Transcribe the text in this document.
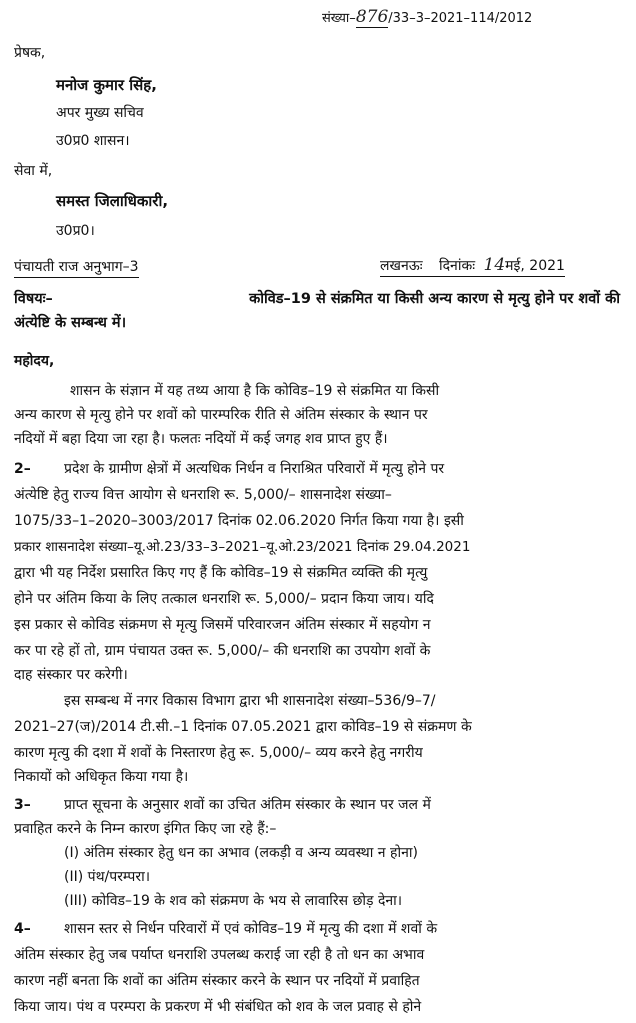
संख्या–876/33–3–2021–114/2012
प्रेषक,
मनोज कुमार सिंह,
अपर मुख्य सचिव
उ0प्र0 शासन।
सेवा में,
समस्त जिलाधिकारी,
उ0प्र0।
पंचायती राज अनुभाग–3	लखनऊः दिनांकः 14मई, 2021
विषयः–	कोविड–19 से संक्रमित या किसी अन्य कारण से मृत्यु होने पर शवों की
अंत्येष्टि के सम्बन्ध में।
महोदय,
शासन के संज्ञान में यह तथ्य आया है कि कोविड–19 से संक्रमित या किसी
अन्य कारण से मृत्यु होने पर शवों को पारम्परिक रीति से अंतिम संस्कार के स्थान पर
नदियों में बहा दिया जा रहा है। फलतः नदियों में कई जगह शव प्राप्त हुए हैं।
2– प्रदेश के ग्रामीण क्षेत्रों में अत्यधिक निर्धन व निराश्रित परिवारों में मृत्यु होने पर
अंत्येष्टि हेतु राज्य वित्त आयोग से धनराशि रू. 5,000/– शासनादेश संख्या–
1075/33–1–2020–3003/2017 दिनांक 02.06.2020 निर्गत किया गया है। इसी
प्रकार शासनादेश संख्या–यू.ओ.23/33–3–2021–यू.ओ.23/2021 दिनांक 29.04.2021
द्वारा भी यह निर्देश प्रसारित किए गए हैं कि कोविड–19 से संक्रमित व्यक्ति की मृत्यु
होने पर अंतिम किया के लिए तत्काल धनराशि रू. 5,000/– प्रदान किया जाय। यदि
इस प्रकार से कोविड संक्रमण से मृत्यु जिसमें परिवारजन अंतिम संस्कार में सहयोग न
कर पा रहे हों तो, ग्राम पंचायत उक्त रू. 5,000/– की धनराशि का उपयोग शवों के
दाह संस्कार पर करेगी।
इस सम्बन्ध में नगर विकास विभाग द्वारा भी शासनादेश संख्या–536/9–7/
2021–27(ज)/2014 टी.सी.–1 दिनांक 07.05.2021 द्वारा कोविड–19 से संक्रमण के
कारण मृत्यु की दशा में शवों के निस्तारण हेतु रू. 5,000/– व्यय करने हेतु नगरीय
निकायों को अधिकृत किया गया है।
3– प्राप्त सूचना के अनुसार शवों का उचित अंतिम संस्कार के स्थान पर जल में
प्रवाहित करने के निम्न कारण इंगित किए जा रहे हैं:–
(I) अंतिम संस्कार हेतु धन का अभाव (लकड़ी व अन्य व्यवस्था न होना)
(II) पंथ/परम्परा।
(III) कोविड–19 के शव को संक्रमण के भय से लावारिस छोड़ देना।
4– शासन स्तर से निर्धन परिवारों में एवं कोविड–19 में मृत्यु की दशा में शवों के
अंतिम संस्कार हेतु जब पर्याप्त धनराशि उपलब्ध कराई जा रही है तो धन का अभाव
कारण नहीं बनता कि शवों का अंतिम संस्कार करने के स्थान पर नदियों में प्रवाहित
किया जाय। पंथ व परम्परा के प्रकरण में भी संबंधित को शव के जल प्रवाह से होने
